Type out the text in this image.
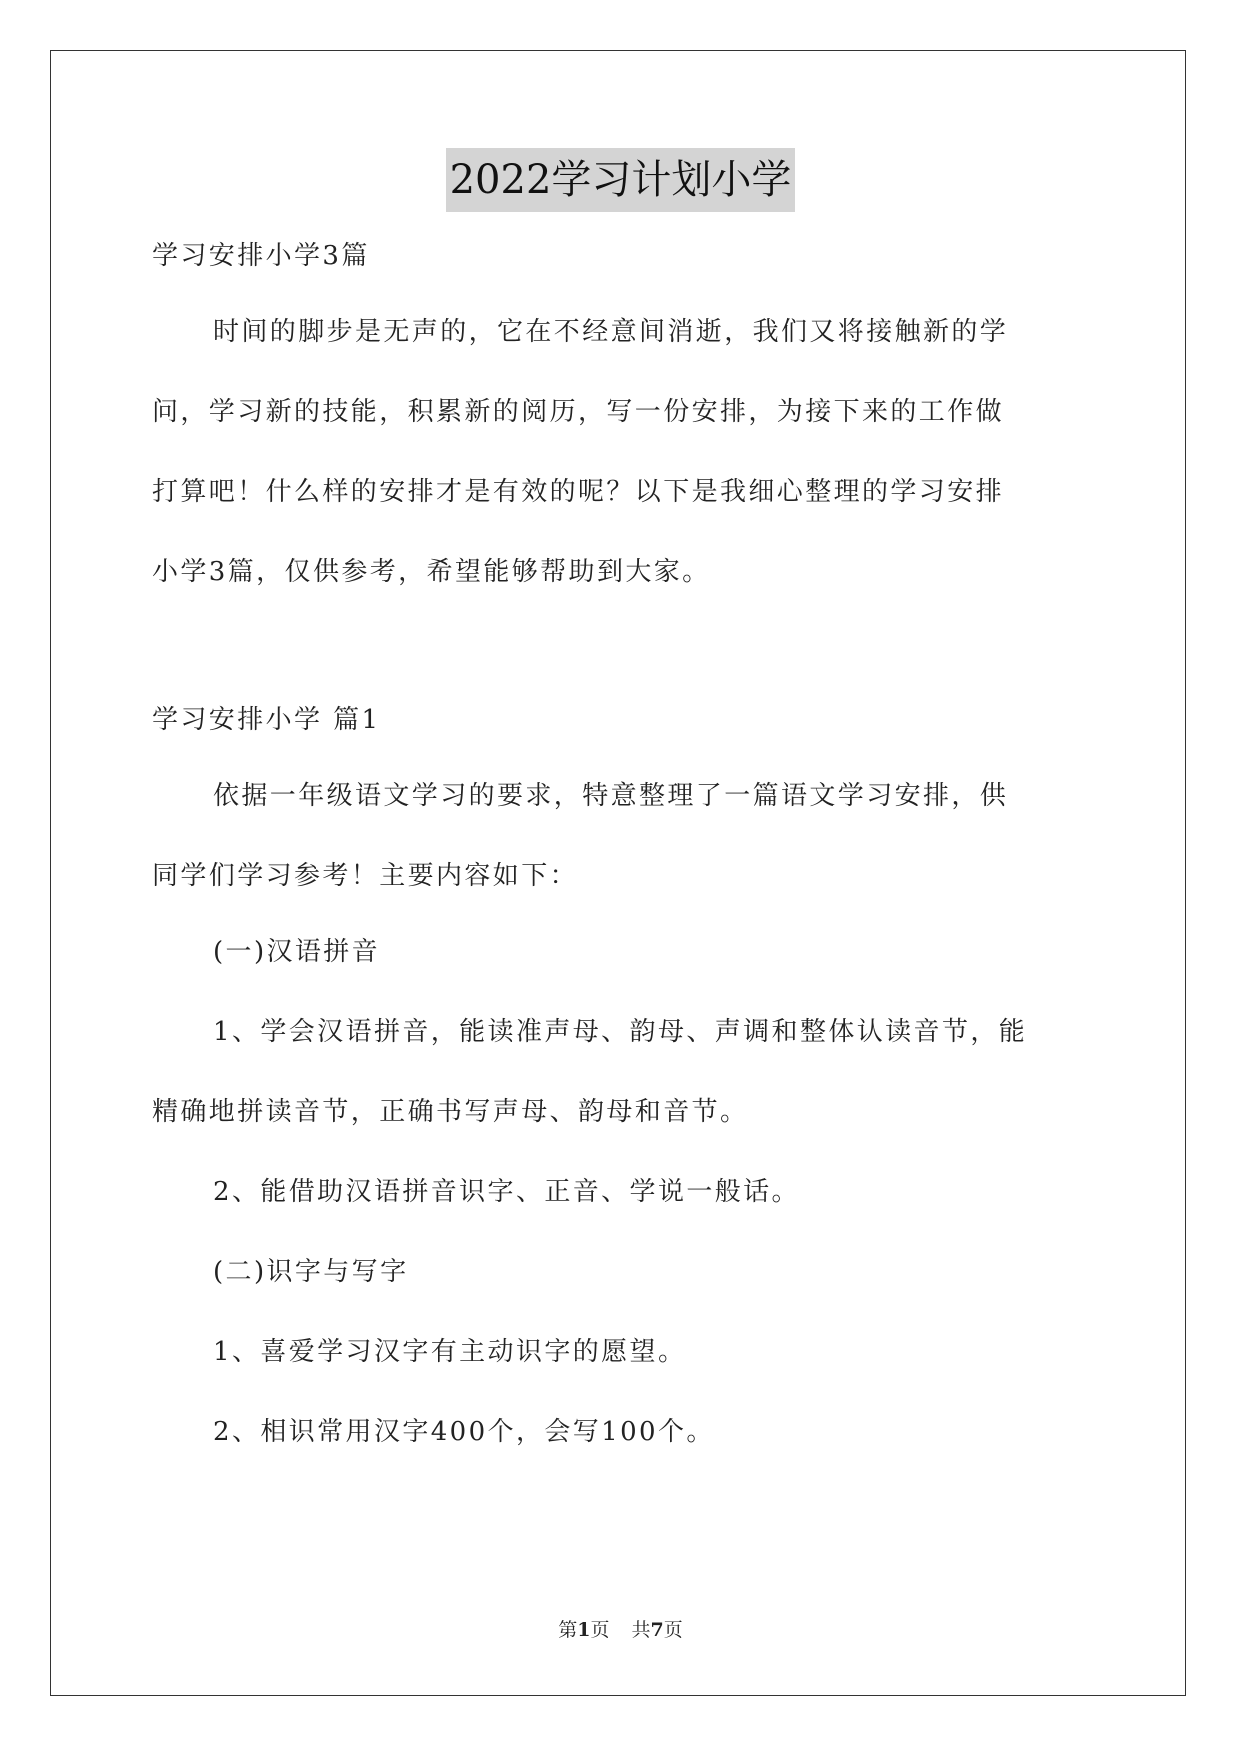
2022学习计划小学
学习安排小学3篇
时间的脚步是无声的，它在不经意间消逝，我们又将接触新的学
问，学习新的技能，积累新的阅历，写一份安排，为接下来的工作做
打算吧！什么样的安排才是有效的呢？以下是我细心整理的学习安排
小学3篇，仅供参考，希望能够帮助到大家。
学习安排小学 篇1
依据一年级语文学习的要求，特意整理了一篇语文学习安排，供
同学们学习参考！主要内容如下：
(一)汉语拼音
1、学会汉语拼音，能读准声母、韵母、声调和整体认读音节，能
精确地拼读音节，正确书写声母、韵母和音节。
2、能借助汉语拼音识字、正音、学说一般话。
(二)识字与写字
1、喜爱学习汉字有主动识字的愿望。
2、相识常用汉字400个，会写100个。
第1页 共7页
